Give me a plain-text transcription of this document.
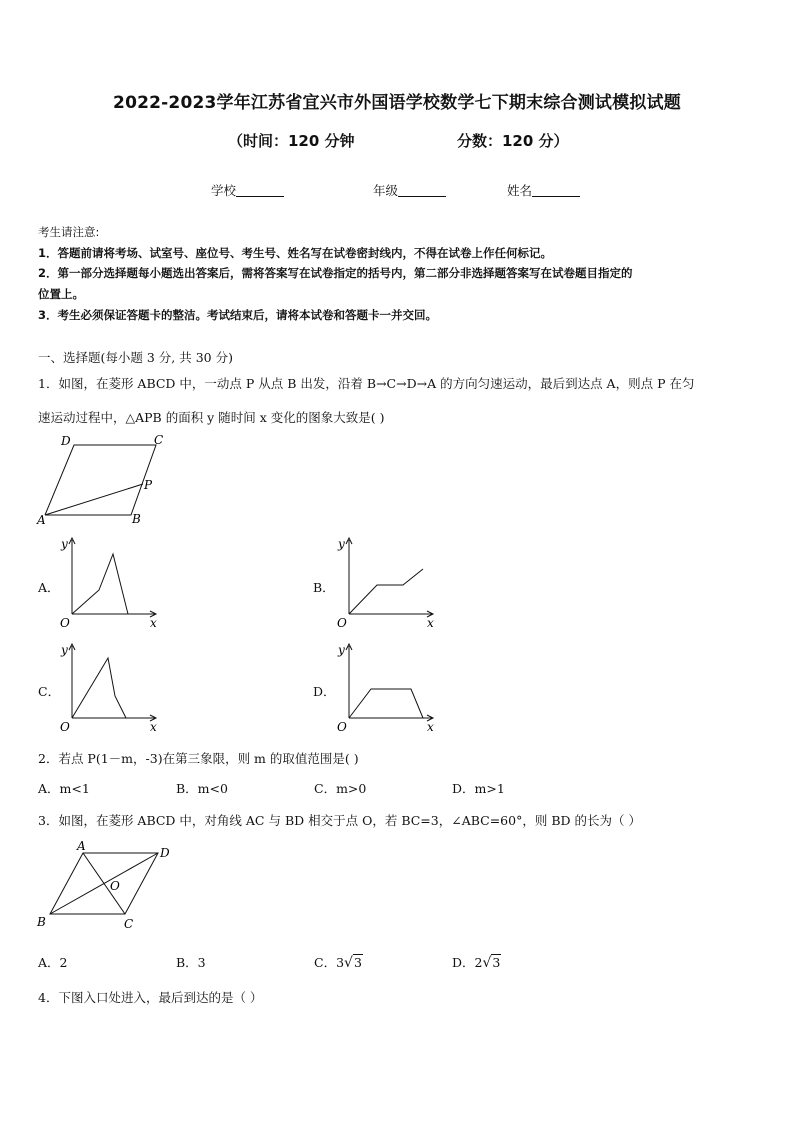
2022-2023学年江苏省宜兴市外国语学校数学七下期末综合测试模拟试题
（时间：120 分钟	分数：120 分）
学校	年级	姓名
考生请注意:
1．答题前请将考场、试室号、座位号、考生号、姓名写在试卷密封线内，不得在试卷上作任何标记。
2．第一部分选择题每小题选出答案后，需将答案写在试卷指定的括号内，第二部分非选择题答案写在试卷题目指定的
位置上。
3．考生必须保证答题卡的整洁。考试结束后，请将本试卷和答题卡一并交回。
一、选择题(每小题 3 分, 共 30 分)
1．如图，在菱形 ABCD 中，一动点 P 从点 B 出发，沿着 B→C→D→A 的方向匀速运动，最后到达点 A，则点 P 在匀
速运动过程中，△APB 的面积 y 随时间 x 变化的图象大致是( )
D	C
P
A	B
A．
y
O	x
B．
y
O	x
C．
y
O	x
D．
y
O	x
2．若点 P(1－m，-3)在第三象限，则 m 的取值范围是( )
A．m<1	B．m<0	C．m>0	D．m>1
3．如图，在菱形 ABCD 中，对角线 AC 与 BD 相交于点 O，若 BC=3，∠ABC=60°，则 BD 的长为（ ）
A	D
O
B	C
A．2	B．3	C．3√3	D．2√3
4．下图入口处进入，最后到达的是（ ）
